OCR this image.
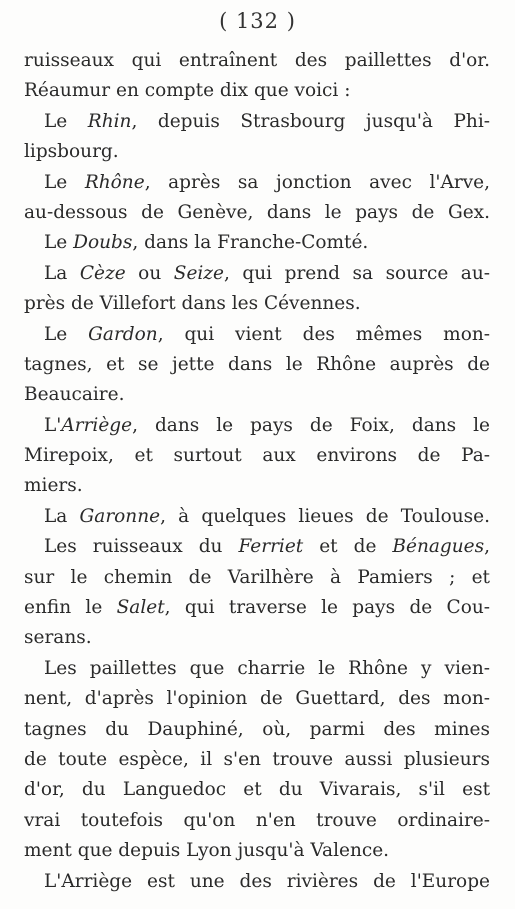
( 132 )
ruisseaux qui entraînent des paillettes d'or.
Réaumur en compte dix que voici :
Le Rhin, depuis Strasbourg jusqu'à Phi-
lipsbourg.
Le Rhône, après sa jonction avec l'Arve,
au-dessous de Genève, dans le pays de Gex.
Le Doubs, dans la Franche-Comté.
La Cèze ou Seize, qui prend sa source au-
près de Villefort dans les Cévennes.
Le Gardon, qui vient des mêmes mon-
tagnes, et se jette dans le Rhône auprès de
Beaucaire.
L'Arriège, dans le pays de Foix, dans le
Mirepoix, et surtout aux environs de Pa-
miers.
La Garonne, à quelques lieues de Toulouse.
Les ruisseaux du Ferriet et de Bénagues,
sur le chemin de Varilhère à Pamiers ; et
enfin le Salet, qui traverse le pays de Cou-
serans.
Les paillettes que charrie le Rhône y vien-
nent, d'après l'opinion de Guettard, des mon-
tagnes du Dauphiné, où, parmi des mines
de toute espèce, il s'en trouve aussi plusieurs
d'or, du Languedoc et du Vivarais, s'il est
vrai toutefois qu'on n'en trouve ordinaire-
ment que depuis Lyon jusqu'à Valence.
L'Arriège est une des rivières de l'Europe
